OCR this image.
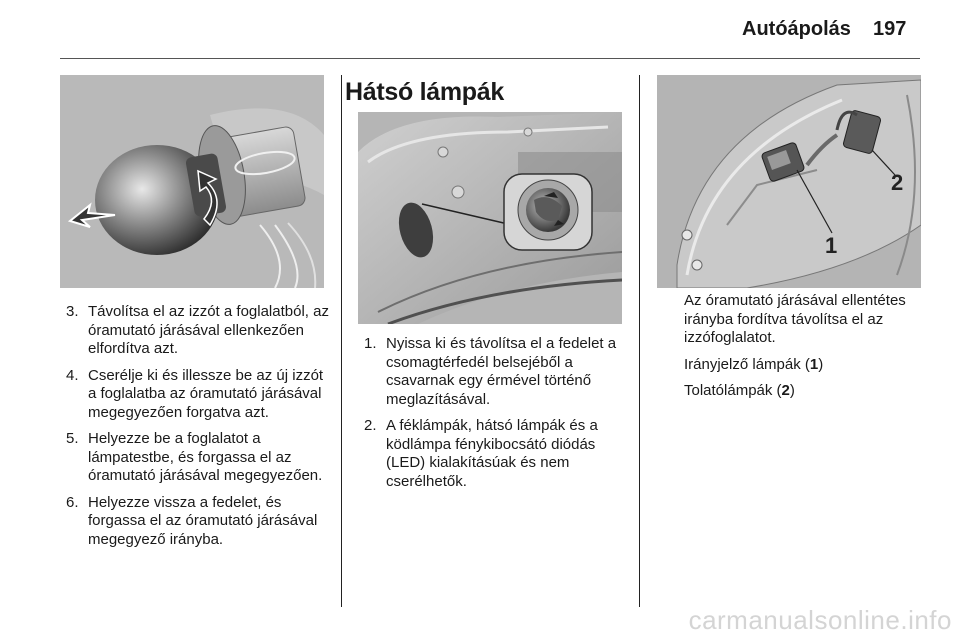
Autóápolás 197
3. Távolítsa el az izzót a foglalatból, az óramutató járásával ellenkezően elfordítva azt.
4. Cserélje ki és illessze be az új izzót a foglalatba az óramutató járásával megegyezően forgatva azt.
5. Helyezze be a foglalatot a lámpatestbe, és forgassa el az óramutató járásával megegyezően.
6. Helyezze vissza a fedelet, és forgassa el az óramutató járásával megegyező irányba.
Hátsó lámpák
1. Nyissa ki és távolítsa el a fedelet a csomagtérfedél belsejéből a csavarnak egy érmével történő meglazításával.
2. A féklámpák, hátsó lámpák és a ködlámpa fénykibocsátó diódás (LED) kialakításúak és nem cserélhetők.
1
2

Az óramutató járásával ellentétes irányba fordítva távolítsa el az izzófoglalatot.

Irányjelző lámpák (1)

Tolatólámpák (2)

carmanualsonline.info
